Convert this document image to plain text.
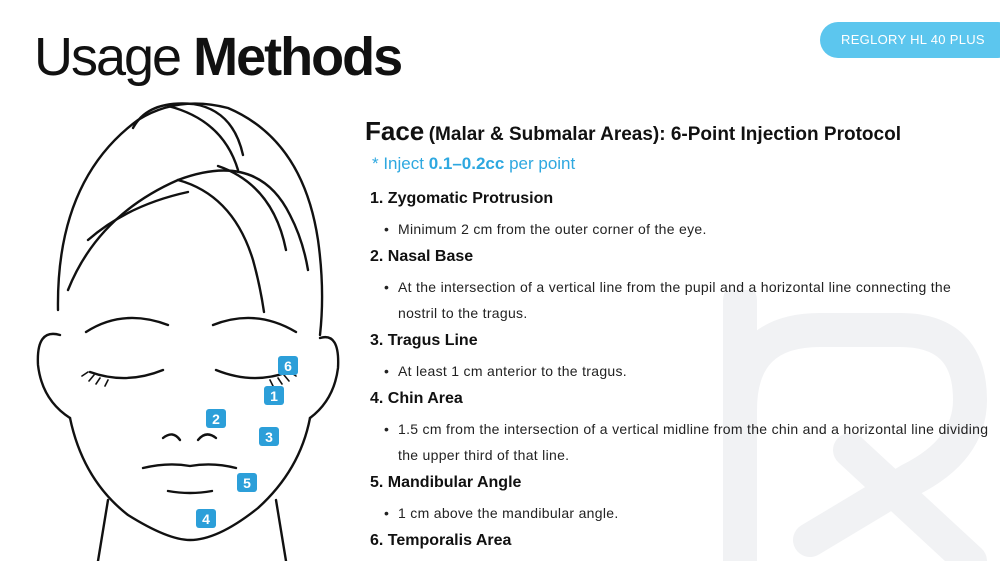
Usage Methods	REGLORY HL 40 PLUS
6
1
2
3
5
4
Face (Malar & Submalar Areas): 6-Point Injection Protocol
* Inject 0.1–0.2cc per point
1. Zygomatic Protrusion
• Minimum 2 cm from the outer corner of the eye.
2. Nasal Base
• At the intersection of a vertical line from the pupil and a horizontal line connecting the nostril to the tragus.
3. Tragus Line
• At least 1 cm anterior to the tragus.
4. Chin Area
• 1.5 cm from the intersection of a vertical midline from the chin and a horizontal line dividing the upper third of that line.
5. Mandibular Angle
• 1 cm above the mandibular angle.
6. Temporalis Area
